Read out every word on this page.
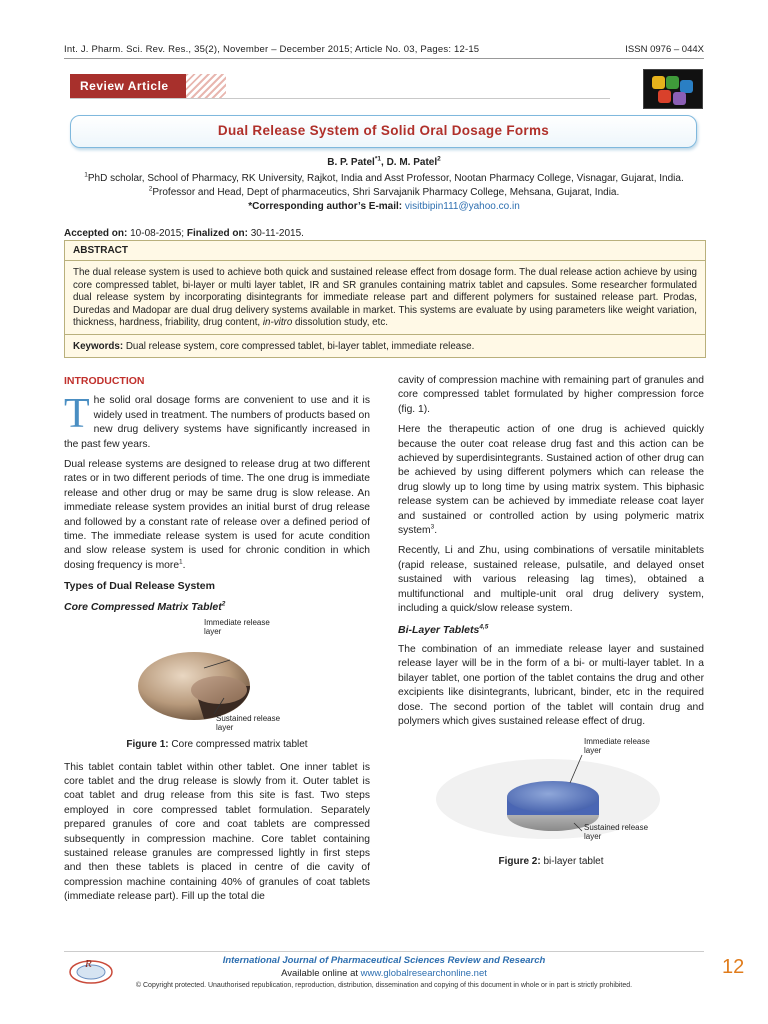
Int. J. Pharm. Sci. Rev. Res., 35(2), November – December 2015; Article No. 03, Pages: 12-15	ISSN 0976 – 044X
Review Article
Dual Release System of Solid Oral Dosage Forms
B. P. Patel$^{*1}$, D. M. Patel$^2$
$^1$PhD scholar, School of Pharmacy, RK University, Rajkot, India and Asst Professor, Nootan Pharmacy College, Visnagar, Gujarat, India.
$^2$Professor and Head, Dept of pharmaceutics, Shri Sarvajanik Pharmacy College, Mehsana, Gujarat, India.
*Corresponding author’s E-mail: visitbipin111@yahoo.co.in
Accepted on: 10-08-2015; Finalized on: 30-11-2015.
ABSTRACT
The dual release system is used to achieve both quick and sustained release effect from dosage form. The dual release action achieve by using core compressed tablet, bi-layer or multi layer tablet, IR and SR granules containing matrix tablet and capsules. Some researcher formulated dual release system by incorporating disintegrants for immediate release part and different polymers for sustained release part. Prodas, Duredas and Madopar are dual drug delivery systems available in market. This systems are evaluate by using parameters like weight variation, thickness, hardness, friability, drug content, in-vitro dissolution study, etc.
Keywords: Dual release system, core compressed tablet, bi-layer tablet, immediate release.
INTRODUCTION

The solid oral dosage forms are convenient to use and it is widely used in treatment. The numbers of products based on new drug delivery systems have significantly increased in the past few years.

Dual release systems are designed to release drug at two different rates or in two different periods of time. The one drug is immediate release and other drug or may be same drug is slow release. An immediate release system provides an initial burst of drug release and followed by a constant rate of release over a defined period of time. The immediate release system is used for acute condition and slow release system is used for chronic condition in which dosing frequency is more$^1$.

Types of Dual Release System
Core Compressed Matrix Tablet$^2$
Immediate release
layer
Sustained release
layer
Figure 1: Core compressed matrix tablet

This tablet contain tablet within other tablet. One inner tablet is core tablet and the drug release is slowly from it. Outer tablet is coat tablet and drug release from this site is fast. Two steps employed in core compressed tablet formulation. Separately prepared granules of core and coat tablets are compressed subsequently in compression machine. Core tablet containing sustained release granules are compressed lightly in first steps and then these tablets is placed in centre of die cavity of compression machine containing 40% of granules of coat tablets (immediate release part). Fill up the total die

cavity of compression machine with remaining part of granules and core compressed tablet formulated by higher compression force (fig. 1).

Here the therapeutic action of one drug is achieved quickly because the outer coat release drug fast and this action can be achieved by superdisintegrants. Sustained action of other drug can be achieved by using different polymers which can release the drug slowly up to long time by using matrix system. This biphasic release system can be achieved by immediate release coat layer and sustained or controlled action by using polymeric matrix system$^3$.

Recently, Li and Zhu, using combinations of versatile minitablets (rapid release, sustained release, pulsatile, and delayed onset sustained with various releasing lag times), obtained a multifunctional and multiple-unit oral drug delivery system, including a quick/slow release system.

Bi-Layer Tablets$^{4,5}$

The combination of an immediate release layer and sustained release layer will be in the form of a bi- or multi-layer tablet. In a bilayer tablet, one portion of the tablet contains the drug and other excipients like disintegrants, lubricant, binder, etc in the required dose. The second portion of the tablet will contain drug and polymers which gives sustained release effect of drug.

Immediate release
layer
Sustained release
layer
Figure 2: bi-layer tablet
R	International Journal of Pharmaceutical Sciences Review and Research
Available online at www.globalresearchonline.net
© Copyright protected. Unauthorised republication, reproduction, distribution, dissemination and copying of this document in whole or in part is strictly prohibited.
12
